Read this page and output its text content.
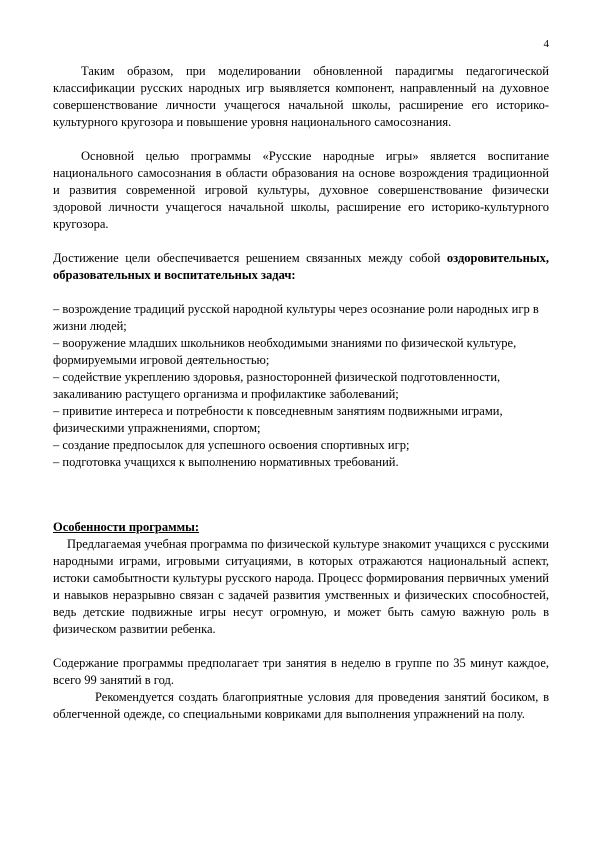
4

Таким образом, при моделировании обновленной парадигмы педагогической классификации русских народных игр выявляется компонент, направленный на духовное совершенствование личности учащегося начальной школы, расширение его историко-культурного кругозора и повышение уровня национального самосознания.

Основной целью программы «Русские народные игры» является воспитание национального самосознания в области образования на основе возрождения традиционной и развития современной игровой культуры, духовное совершенствование физически здоровой личности учащегося начальной школы, расширение его историко-культурного кругозора.

Достижение цели обеспечивается решением связанных между собой оздоровительных, образовательных и воспитательных задач:

– возрождение традиций русской народной культуры через осознание роли народных игр в жизни людей;

– вооружение младших школьников необходимыми знаниями по физической культуре, формируемыми игровой деятельностью;

– содействие укреплению здоровья, разносторонней физической подготовленности, закаливанию растущего организма и профилактике заболеваний;

– привитие интереса и потребности к повседневным занятиям подвижными играми, физическими упражнениями, спортом;

– создание предпосылок для успешного освоения спортивных игр;

– подготовка учащихся к выполнению нормативных требований.

Особенности программы:

Предлагаемая учебная программа по физической культуре знакомит учащихся с русскими народными играми, игровыми ситуациями, в которых отражаются национальный аспект, истоки самобытности культуры русского народа. Процесс формирования первичных умений и навыков неразрывно связан с задачей развития умственных и физических способностей, ведь детские подвижные игры несут огромную, и может быть самую важную роль в физическом развитии ребенка.

Содержание программы предполагает три занятия в неделю в группе по 35 минут каждое, всего 99 занятий в год.

Рекомендуется создать благоприятные условия для проведения занятий босиком, в облегченной одежде, со специальными ковриками для выполнения упражнений на полу.
